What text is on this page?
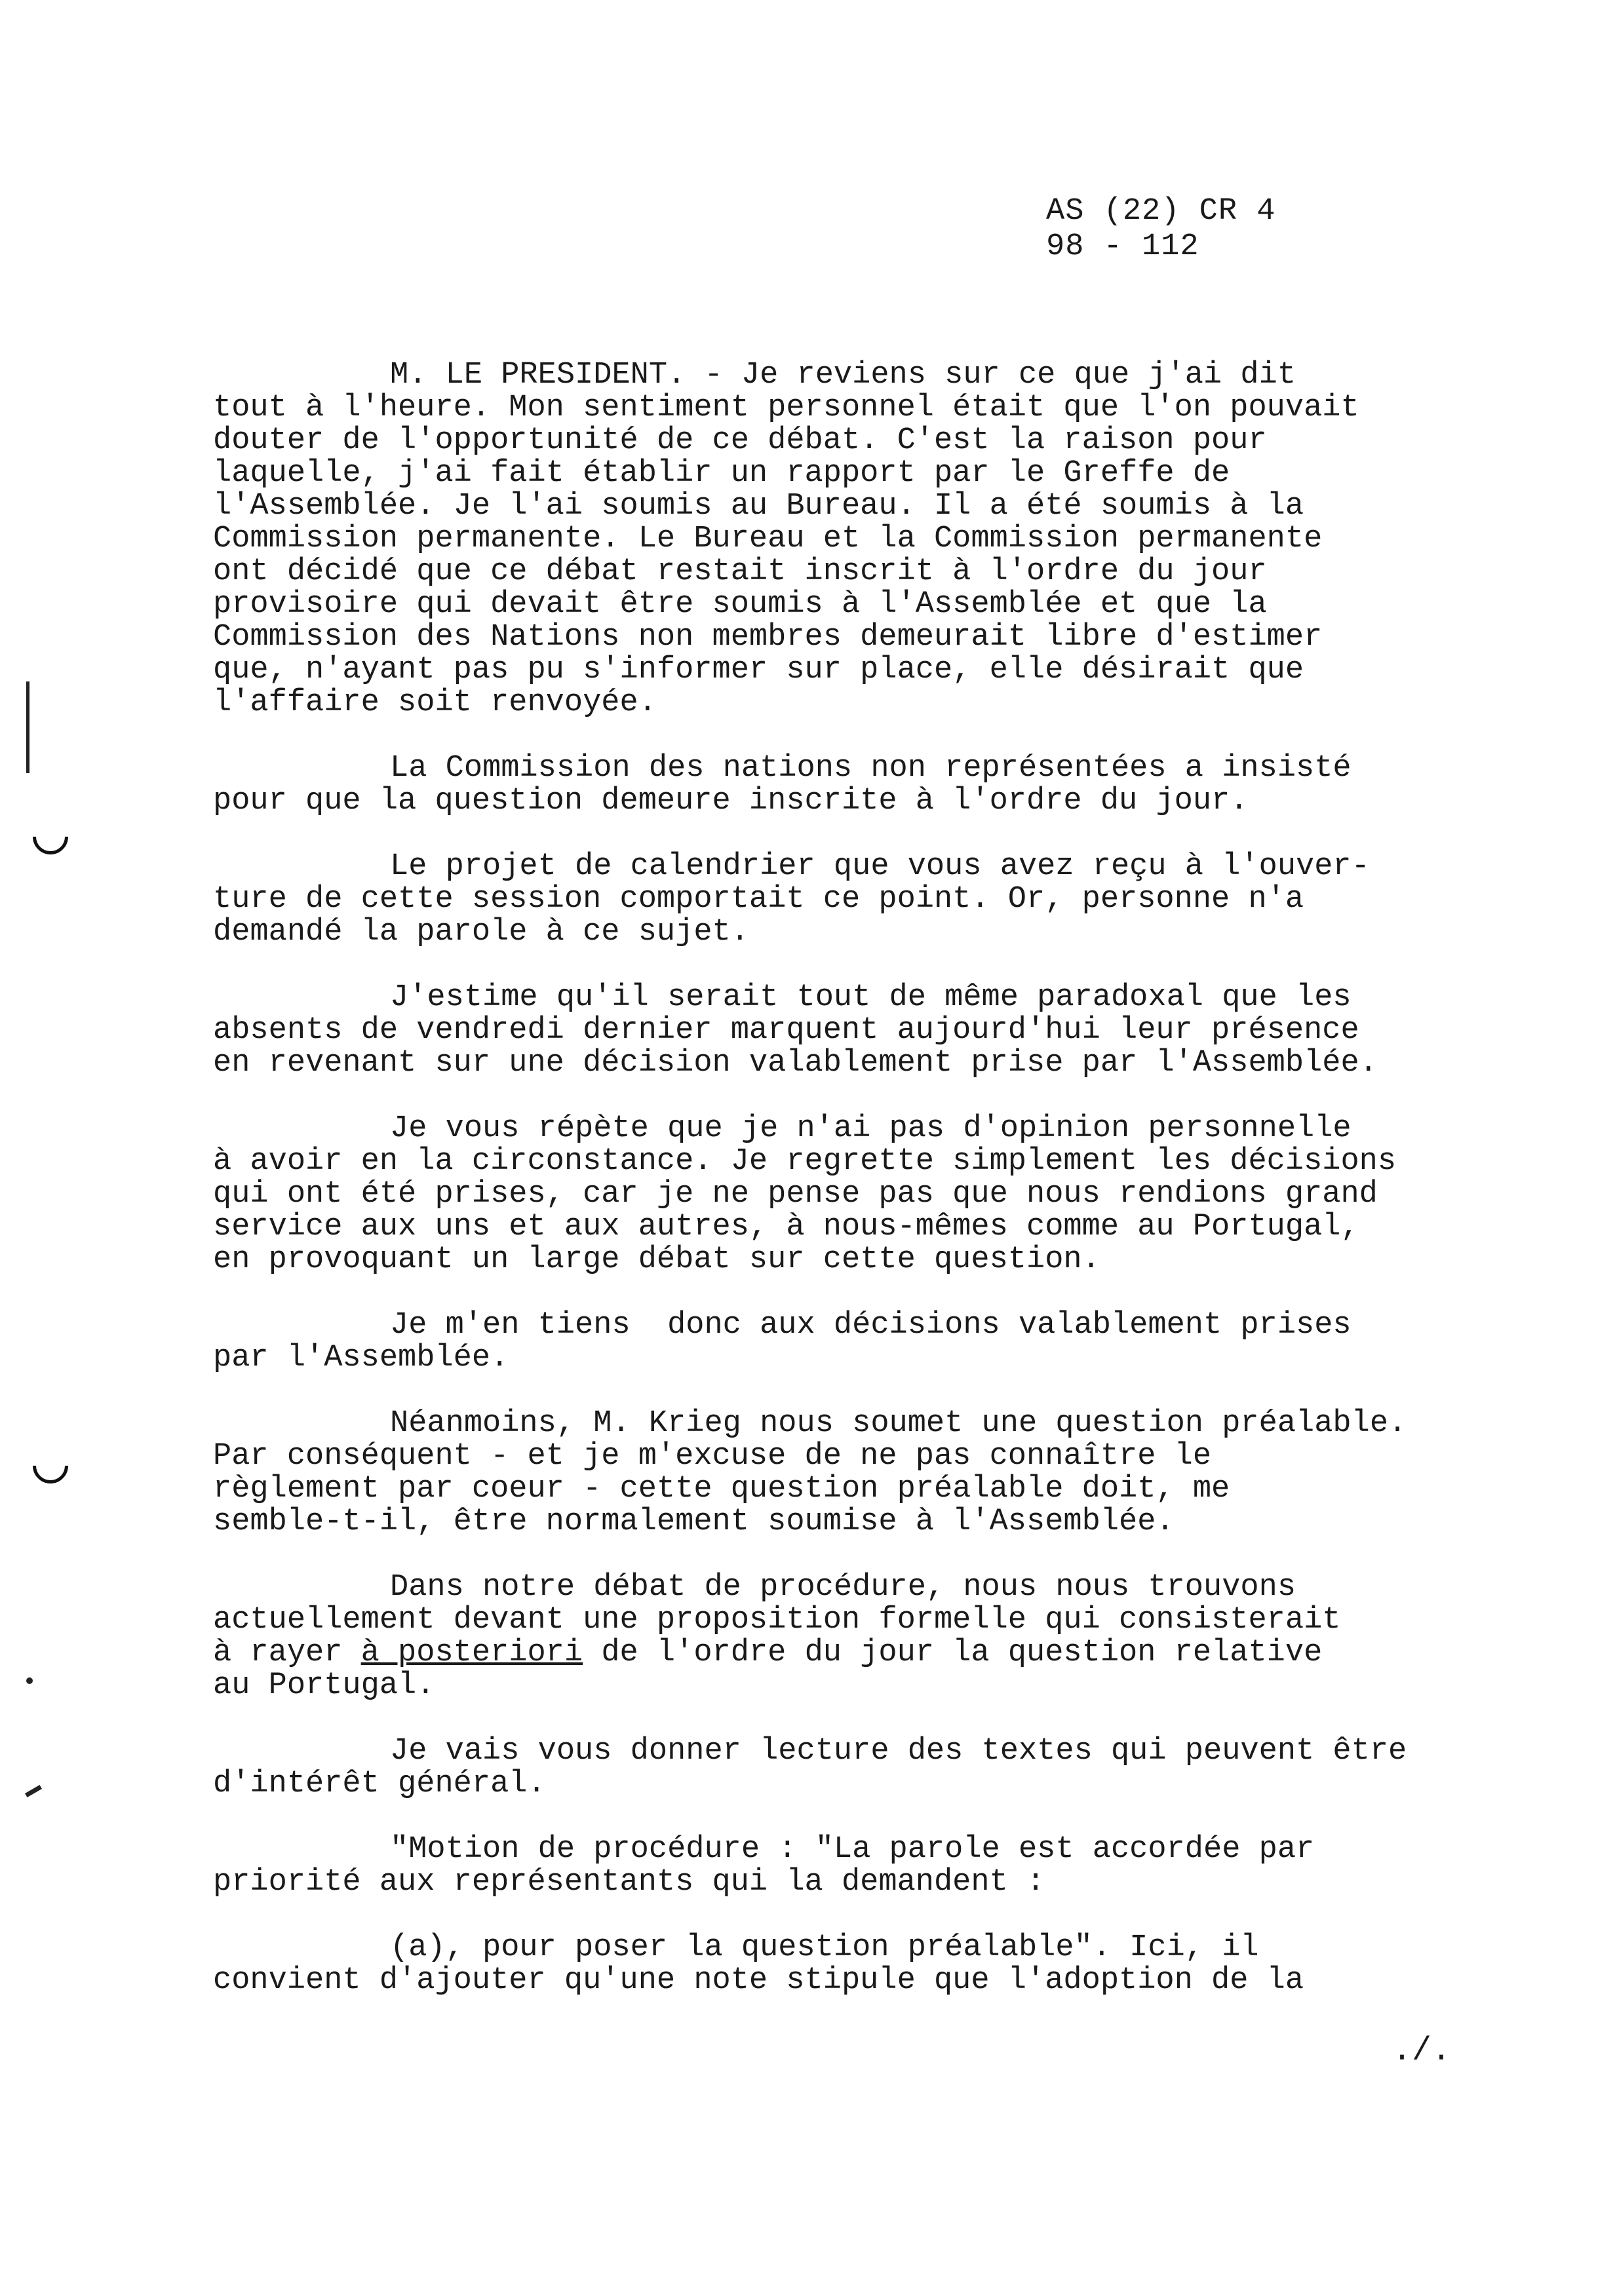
AS (22) CR 4
98 - 112
M. LE PRESIDENT. - Je reviens sur ce que j'ai dit
tout à l'heure. Mon sentiment personnel était que l'on pouvait
douter de l'opportunité de ce débat. C'est la raison pour
laquelle, j'ai fait établir un rapport par le Greffe de
l'Assemblée. Je l'ai soumis au Bureau. Il a été soumis à la
Commission permanente. Le Bureau et la Commission permanente
ont décidé que ce débat restait inscrit à l'ordre du jour
provisoire qui devait être soumis à l'Assemblée et que la
Commission des Nations non membres demeurait libre d'estimer
que, n'ayant pas pu s'informer sur place, elle désirait que
l'affaire soit renvoyée.
La Commission des nations non représentées a insisté
pour que la question demeure inscrite à l'ordre du jour.
Le projet de calendrier que vous avez reçu à l'ouver-
ture de cette session comportait ce point. Or, personne n'a
demandé la parole à ce sujet.
J'estime qu'il serait tout de même paradoxal que les
absents de vendredi dernier marquent aujourd'hui leur présence
en revenant sur une décision valablement prise par l'Assemblée.
Je vous répète que je n'ai pas d'opinion personnelle
à avoir en la circonstance. Je regrette simplement les décisions
qui ont été prises, car je ne pense pas que nous rendions grand
service aux uns et aux autres, à nous-mêmes comme au Portugal,
en provoquant un large débat sur cette question.
Je m'en tiens  donc aux décisions valablement prises
par l'Assemblée.
Néanmoins, M. Krieg nous soumet une question préalable.
Par conséquent - et je m'excuse de ne pas connaître le
règlement par coeur - cette question préalable doit, me
semble-t-il, être normalement soumise à l'Assemblée.
Dans notre débat de procédure, nous nous trouvons
actuellement devant une proposition formelle qui consisterait
à rayer à posteriori de l'ordre du jour la question relative
au Portugal.
Je vais vous donner lecture des textes qui peuvent être
d'intérêt général.
"Motion de procédure : "La parole est accordée par
priorité aux représentants qui la demandent :
(a), pour poser la question préalable". Ici, il
convient d'ajouter qu'une note stipule que l'adoption de la
./.
